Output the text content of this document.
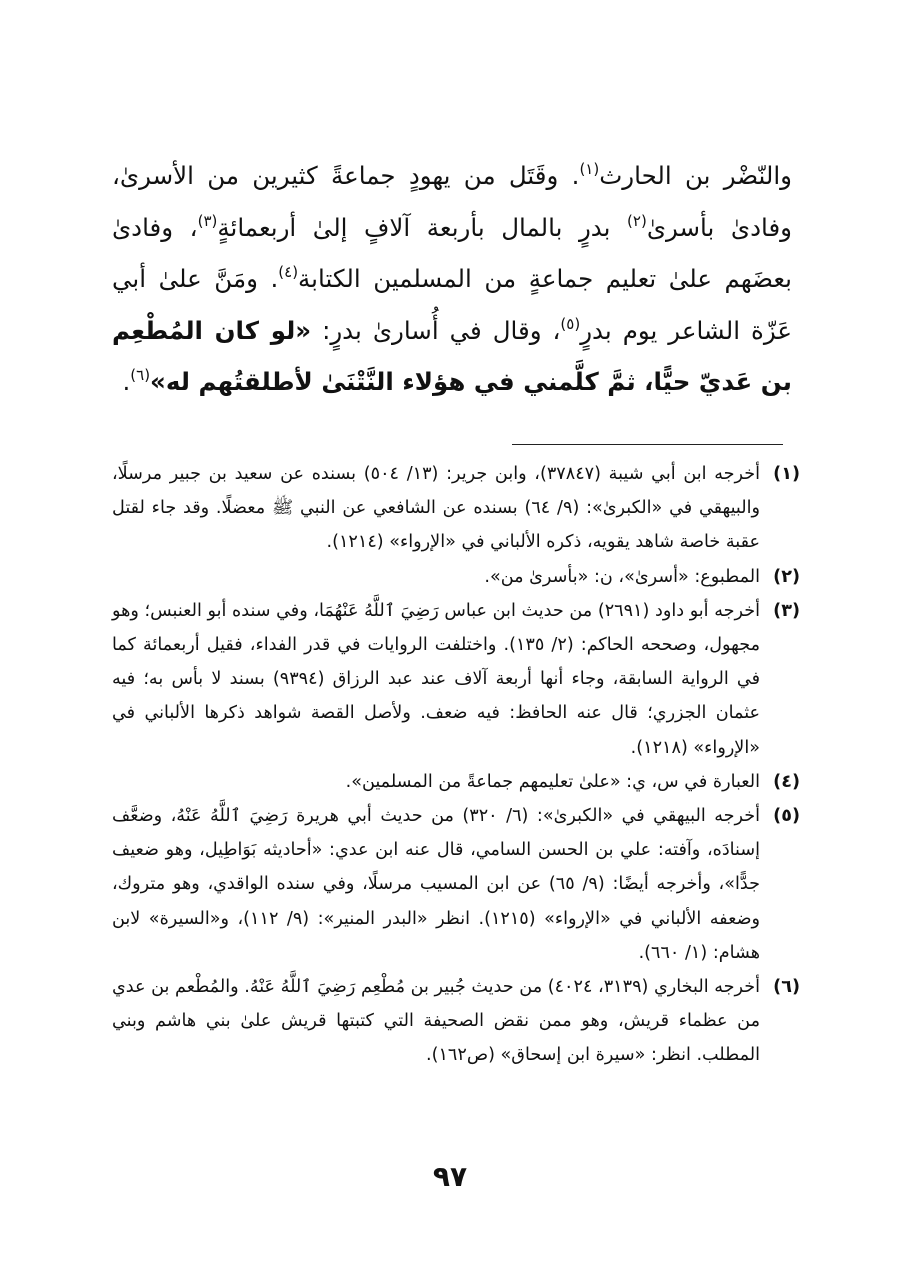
والنّضْر بن الحارث$^{(١)}$. وقَتَل من يهودٍ جماعةً كثيرين من الأسرىٰ، وفادىٰ بأسرىٰ$^{(٢)}$ بدرٍ بالمال بأربعة آلافٍ إلىٰ أربعمائةٍ$^{(٣)}$، وفادىٰ بعضَهم علىٰ تعليم جماعةٍ من المسلمين الكتابة$^{(٤)}$. ومَنَّ علىٰ أبي عَزّة الشاعر يوم بدرٍ$^{(٥)}$، وقال في أُسارىٰ بدرٍ: «لو كان المُطْعِم بن عَديّ حيًّا، ثمَّ كلَّمني في هؤلاء النَّتْنَىٰ لأطلقتُهم له»$^{(٦)}$.

(١)
أخرجه ابن أبي شيبة (٣٧٨٤٧)، وابن جرير: (١٣/ ٥٠٤) بسنده عن سعيد بن جبير مرسلًا، والبيهقي في «الكبرىٰ»: (٩/ ٦٤) بسنده عن الشافعي عن النبي ﷺ معضلًا. وقد جاء لقتل عقبة خاصة شاهد يقويه، ذكره الألباني في «الإرواء» (١٢١٤).
(٢)
المطبوع: «أسرىٰ»، ن: «بأسرىٰ من».
(٣)
أخرجه أبو داود (٢٦٩١) من حديث ابن عباس رَضِيَ ٱللَّهُ عَنْهُمَا، وفي سنده أبو العنبس؛ وهو مجهول، وصححه الحاكم: (٢/ ١٣٥). واختلفت الروايات في قدر الفداء، فقيل أربعمائة كما في الرواية السابقة، وجاء أنها أربعة آلاف عند عبد الرزاق (٩٣٩٤) بسند لا بأس به؛ فيه عثمان الجزري؛ قال عنه الحافظ: فيه ضعف. ولأصل القصة شواهد ذكرها الألباني في «الإرواء» (١٢١٨).
(٤)
العبارة في س، ي: «علىٰ تعليمهم جماعةً من المسلمين».
(٥)
أخرجه البيهقي في «الكبرىٰ»: (٦/ ٣٢٠) من حديث أبي هريرة رَضِيَ ٱللَّهُ عَنْهُ، وضعَّف إسنادَه، وآفته: علي بن الحسن السامي، قال عنه ابن عدي: «أحاديثه بَوَاطِيل، وهو ضعيف جدًّا»، وأخرجه أيضًا: (٩/ ٦٥) عن ابن المسيب مرسلًا، وفي سنده الواقدي، وهو متروك، وضعفه الألباني في «الإرواء» (١٢١٥). انظر «البدر المنير»: (٩/ ١١٢)، و«السيرة» لابن هشام: (١/ ٦٦٠).
(٦)
أخرجه البخاري (٣١٣٩، ٤٠٢٤) من حديث جُبير بن مُطْعِم رَضِيَ ٱللَّهُ عَنْهُ. والمُطْعم بن عدي من عظماء قريش، وهو ممن نقض الصحيفة التي كتبتها قريش علىٰ بني هاشم وبني المطلب. انظر: «سيرة ابن إسحاق» (ص١٦٢).
٩٧
